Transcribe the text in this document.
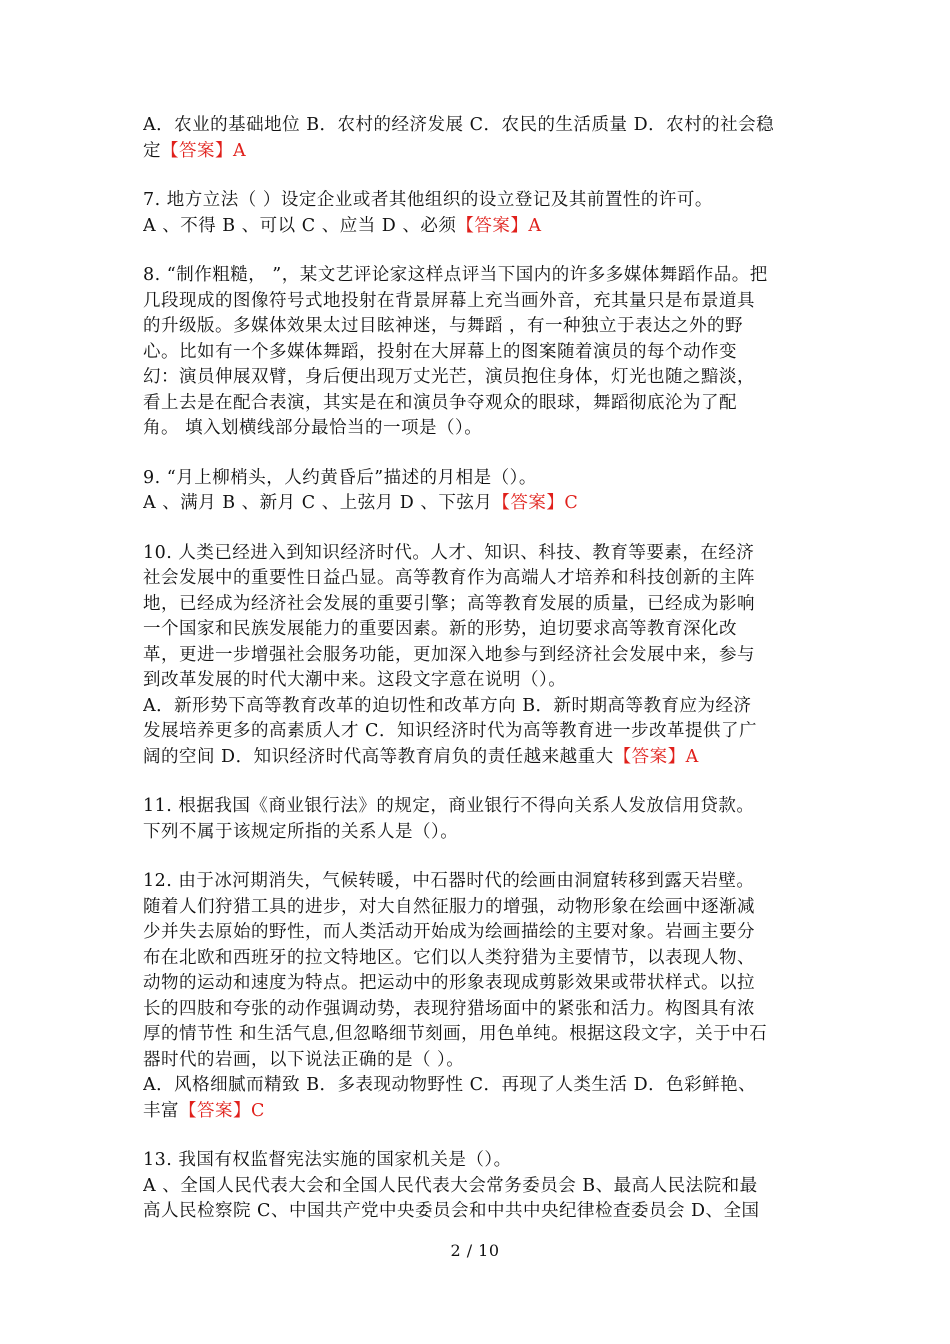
A．农业的基础地位 B．农村的经济发展 C．农民的生活质量 D．农村的社会稳
定【答案】A
7. 地方立法（ ）设定企业或者其他组织的设立登记及其前置性的许可。
A 、不得 B 、可以 C 、应当 D 、必须【答案】A
8. “制作粗糙， ”，某文艺评论家这样点评当下国内的许多多媒体舞蹈作品。把
几段现成的图像符号式地投射在背景屏幕上充当画外音，充其量只是布景道具
的升级版。多媒体效果太过目眩神迷，与舞蹈 ，有一种独立于表达之外的野
心。比如有一个多媒体舞蹈，投射在大屏幕上的图案随着演员的每个动作变
幻：演员伸展双臂，身后便出现万丈光芒，演员抱住身体，灯光也随之黯淡，
看上去是在配合表演，其实是在和演员争夺观众的眼球，舞蹈彻底沦为了配
角。 填入划横线部分最恰当的一项是（）。
9. “月上柳梢头，人约黄昏后”描述的月相是（）。
A 、满月 B 、新月 C 、上弦月 D 、下弦月【答案】C
10. 人类已经进入到知识经济时代。人才、知识、科技、教育等要素，在经济
社会发展中的重要性日益凸显。高等教育作为高端人才培养和科技创新的主阵
地，已经成为经济社会发展的重要引擎；高等教育发展的质量，已经成为影响
一个国家和民族发展能力的重要因素。新的形势，迫切要求高等教育深化改
革，更进一步增强社会服务功能，更加深入地参与到经济社会发展中来，参与
到改革发展的时代大潮中来。这段文字意在说明（）。
A．新形势下高等教育改革的迫切性和改革方向 B．新时期高等教育应为经济
发展培养更多的高素质人才 C．知识经济时代为高等教育进一步改革提供了广
阔的空间 D．知识经济时代高等教育肩负的责任越来越重大【答案】A
11. 根据我国《商业银行法》的规定，商业银行不得向关系人发放信用贷款。
下列不属于该规定所指的关系人是（）。
12. 由于冰河期消失，气候转暖，中石器时代的绘画由洞窟转移到露天岩壁。
随着人们狩猎工具的进步，对大自然征服力的增强，动物形象在绘画中逐渐减
少并失去原始的野性，而人类活动开始成为绘画描绘的主要对象。岩画主要分
布在北欧和西班牙的拉文特地区。它们以人类狩猎为主要情节，以表现人物、
动物的运动和速度为特点。把运动中的形象表现成剪影效果或带状样式。以拉
长的四肢和夸张的动作强调动势，表现狩猎场面中的紧张和活力。构图具有浓
厚的情节性 和生活气息,但忽略细节刻画，用色单纯。根据这段文字，关于中石
器时代的岩画，以下说法正确的是（ ）。
A．风格细腻而精致 B．多表现动物野性 C．再现了人类生活 D．色彩鲜艳、
丰富【答案】C
13. 我国有权监督宪法实施的国家机关是（）。
A 、全国人民代表大会和全国人民代表大会常务委员会 B、最高人民法院和最
高人民检察院 C、中国共产党中央委员会和中共中央纪律检查委员会 D、全国
2 / 10
